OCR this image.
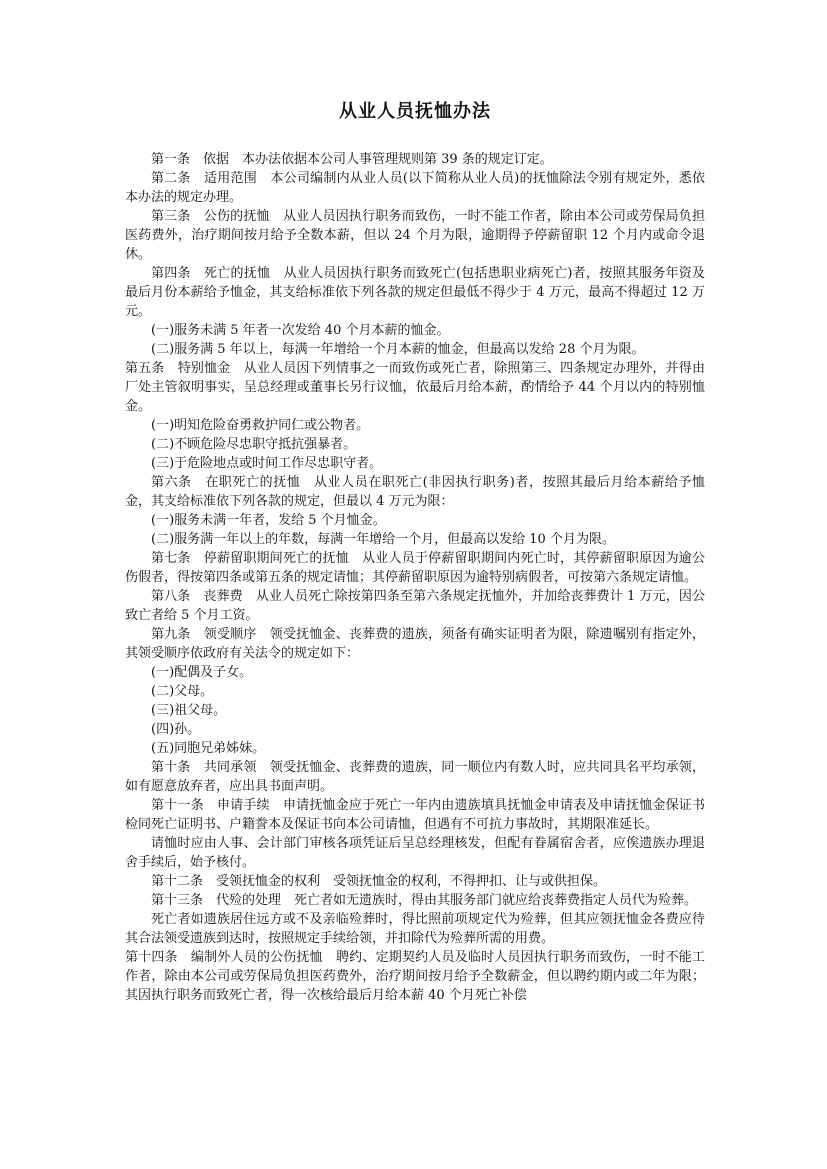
从业人员抚恤办法

第一条　依据　本办法依据本公司人事管理规则第 39 条的规定订定。

第二条　适用范围　本公司编制内从业人员(以下简称从业人员)的抚恤除法令别有规定外，悉依本办法的规定办理。

第三条　公伤的抚恤　从业人员因执行职务而致伤，一时不能工作者，除由本公司或劳保局负担医药费外，治疗期间按月给予全数本薪，但以 24 个月为限，逾期得予停薪留职 12 个月内或命令退休。

第四条　死亡的抚恤　从业人员因执行职务而致死亡(包括患职业病死亡)者，按照其服务年资及最后月份本薪给予恤金，其支给标准依下列各款的规定但最低不得少于 4 万元，最高不得超过 12 万元。

(一)服务未满 5 年者一次发给 40 个月本薪的恤金。

(二)服务满 5 年以上，每满一年增给一个月本薪的恤金，但最高以发给 28 个月为限。

第五条　特别恤金　从业人员因下列情事之一而致伤或死亡者，除照第三、四条规定办理外，并得由厂处主管叙明事实，呈总经理或董事长另行议恤，依最后月给本薪，酌情给予 44 个月以内的特别恤金。

(一)明知危险奋勇救护同仁或公物者。

(二)不顾危险尽忠职守抵抗强暴者。

(三)于危险地点或时间工作尽忠职守者。

第六条　在职死亡的抚恤　从业人员在职死亡(非因执行职务)者，按照其最后月给本薪给予恤金，其支给标准依下列各款的规定，但最以 4 万元为限：

(一)服务未满一年者，发给 5 个月恤金。

(二)服务满一年以上的年数，每满一年增给一个月，但最高以发给 10 个月为限。

第七条　停薪留职期间死亡的抚恤　从业人员于停薪留职期间内死亡时，其停薪留职原因为逾公伤假者，得按第四条或第五条的规定请恤；其停薪留职原因为逾特别病假者，可按第六条规定请恤。

第八条　丧葬费　从业人员死亡除按第四条至第六条规定抚恤外，并加给丧葬费计 1 万元，因公致亡者给 5 个月工资。

第九条　领受顺序　领受抚恤金、丧葬费的遗族，须备有确实证明者为限，除遗嘱别有指定外，其领受顺序依政府有关法令的规定如下：

(一)配偶及子女。

(二)父母。

(三)祖父母。

(四)孙。

(五)同胞兄弟姊妹。

第十条　共同承领　领受抚恤金、丧葬费的遗族，同一顺位内有数人时，应共同具名平均承领，如有愿意放弃者，应出具书面声明。

第十一条　申请手续　申请抚恤金应于死亡一年内由遗族填具抚恤金申请表及申请抚恤金保证书检同死亡证明书、户籍誊本及保证书向本公司请恤，但遇有不可抗力事故时，其期限准延长。

请恤时应由人事、会计部门审核各项凭证后呈总经理核发，但配有眷属宿舍者，应俟遗族办理退舍手续后，始予核付。

第十二条　受领抚恤金的权利　受领抚恤金的权利，不得押扣、让与或供担保。

第十三条　代殓的处理　死亡者如无遗族时，得由其服务部门就应给丧葬费指定人员代为殓葬。

死亡者如遗族居住远方或不及亲临殓葬时，得比照前项规定代为殓葬，但其应领抚恤金各费应待其合法领受遗族到达时，按照规定手续给领，并扣除代为殓葬所需的用费。

第十四条　编制外人员的公伤抚恤　聘约、定期契约人员及临时人员因执行职务而致伤，一时不能工作者，除由本公司或劳保局负担医药费外，治疗期间按月给予全数薪金，但以聘约期内或二年为限；其因执行职务而致死亡者，得一次核给最后月给本薪 40 个月死亡补偿
